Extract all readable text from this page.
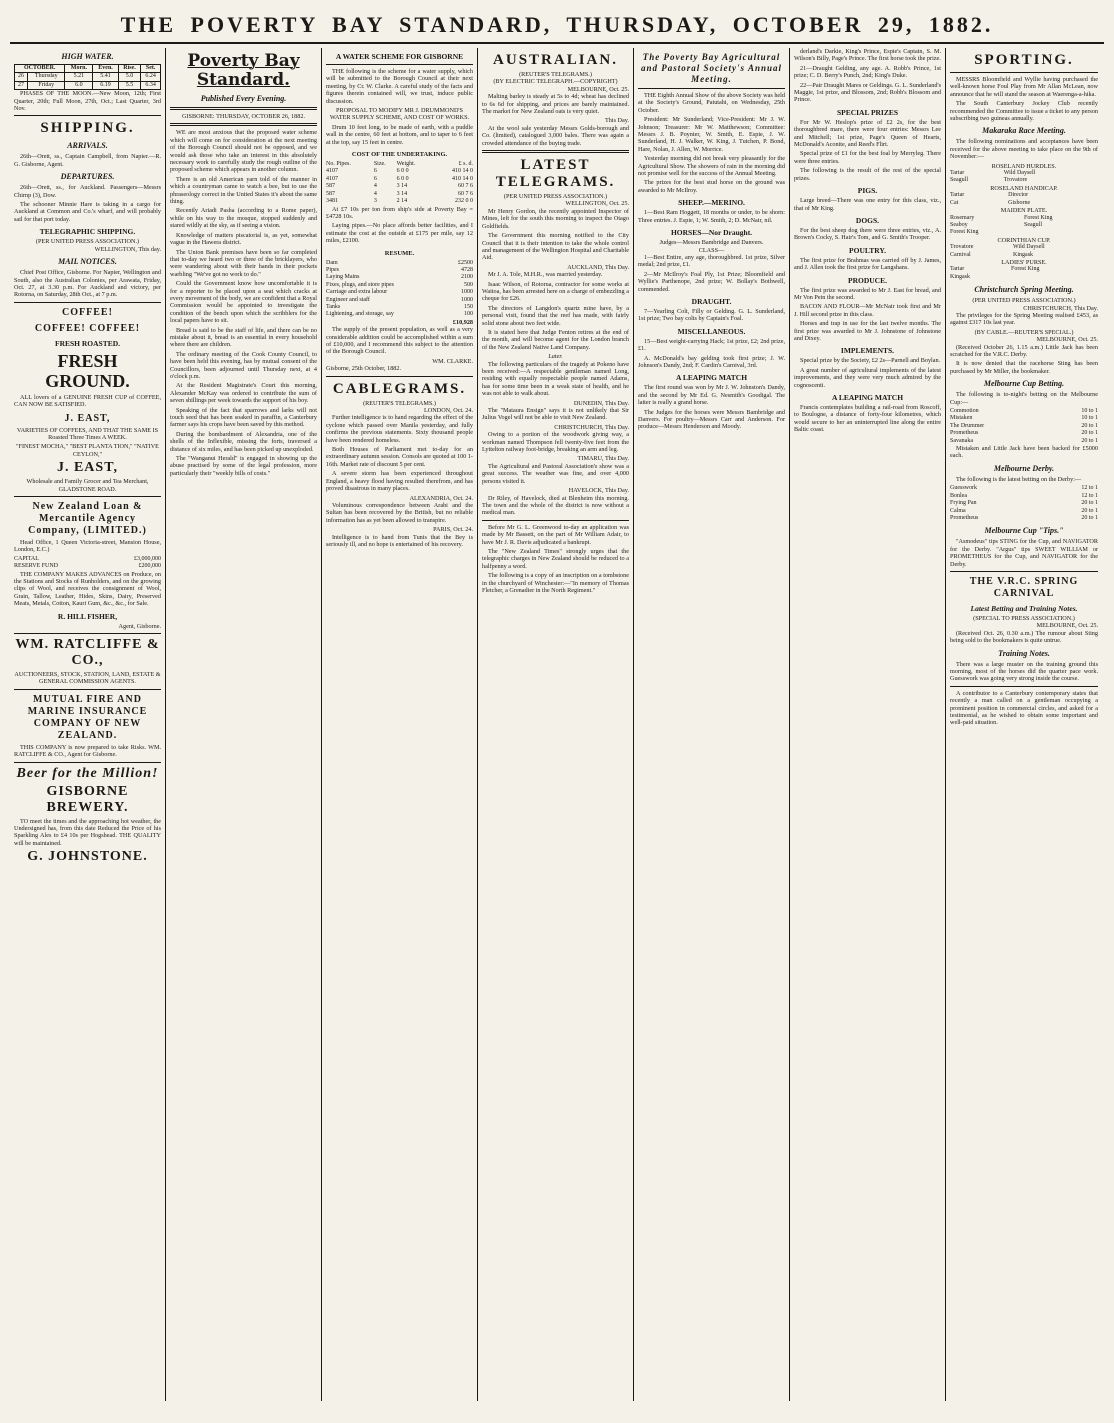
THE POVERTY BAY STANDARD, THURSDAY, OCTOBER 29, 1882.
HIGH WATER.
OCTOBER.		Morn.	Even.	Rise.	Set.
26	Thursday	5.21	5.41	5.0	6.24
27	Friday	6.0	6.19	5.5	6.34

PHASES OF THE MOON.—New Moon, 12th; First Quarter, 20th; Full Moon, 27th, Oct.; Last Quarter, 3rd Nov.

SHIPPING.
ARRIVALS.

26th—Orett, ss., Captain Campbell, from Napier.—R. G. Gisborne, Agent.

DEPARTURES.

26th—Orett, ss., for Auckland. Passengers—Messrs Chirnp (3), Dow.

The schooner Minnie Hare is taking in a cargo for Auckland at Common and Co.'s wharf, and will probably sail for that port today.

TELEGRAPHIC SHIPPING.
(PER UNITED PRESS ASSOCIATION.)
WELLINGTON, This day.
MAIL NOTICES.

Chief Post Office, Gisborne. For Napier, Wellington and South, also the Australian Colonies, per Arawata, Friday, Oct. 27, at 3.30 p.m. For Auckland and victory, per Rotorna, on Saturday, 28th Oct., at 7 p.m.

COFFEE!
COFFEE! COFFEE!
FRESH ROASTED.
FRESH GROUND.

ALL lovers of a GENUINE FRESH CUP of COFFEE, CAN NOW BE SATISFIED.

J. EAST,

VARIETIES OF COFFEES, AND THAT THE SAME IS Roasted Three Times A WEEK.

"FINEST MOCHA," "BEST PLANTA TION," "NATIVE CEYLON,"

J. EAST,

Wholesale and Family Grocer and Tea Merchant, GLADSTONE ROAD.

New Zealand Loan & Mercantile Agency Company, (LIMITED.)

Head Office, 1 Queen Victoria-street, Mansion House, London, E.C.)

CAPITAL	£3,000,000
RESERVE FUND	£200,000

THE COMPANY MAKES ADVANCES on Produce, on the Stations and Stocks of Runholders, and on the growing clips of Wool, and receives the consignment of Wool, Grain, Tallow, Leather, Hides, Skins, Dairy, Preserved Meats, Metals, Cotton, Kauri Gum, &c., &c., for Sale.

R. HILL FISHER,
Agent, Gisborne.
WM. RATCLIFFE & CO.,

AUCTIONEERS, STOCK, STATION, LAND, ESTATE & GENERAL COMMISSION AGENTS.

MUTUAL FIRE AND MARINE INSURANCE COMPANY OF NEW ZEALAND.

THIS COMPANY is now prepared to take Risks. WM. RATCLIFFE & CO., Agent for Gisborne.

Beer for the Million!
GISBORNE BREWERY.

TO meet the times and the approaching hot weather, the Undersigned has, from this date Reduced the Price of his Sparkling Ales to £4 10s per Hogshead. THE QUALITY will be maintained.

G. JOHNSTONE.
Poverty Bay Standard.
Published Every Evening.
GISBORNE: THURSDAY, OCTOBER 26, 1882.

WE are most anxious that the proposed water scheme which will come on for consideration at the next meeting of the Borough Council should not be opposed, and we would ask those who take an interest in this absolutely necessary work to carefully study the rough outline of the proposed scheme which appears in another column.

There is an old American yarn told of the manner in which a countryman came to watch a bee, but to use the phraseology correct in the United States it's about the same thing.

Recently Ariadi Pasha (according to a Rome paper), while on his way to the mosque, stopped suddenly and stared wildly at the sky, as if seeing a vision.

Knowledge of matters piscatorial is, as yet, somewhat vague in the Hawera district.

The Union Bank premises have been so far completed that to-day we heard two or three of the bricklayers, who were wandering about with their hands in their pockets warbling "We've got no work to do."

Could the Government know how uncomfortable it is for a reporter to be placed upon a seat which cracks at every movement of the body, we are confident that a Royal Commission would be appointed to investigate the condition of the bench upon which the scribblers for the local papers have to sit.

Bread is said to be the staff of life, and there can be no mistake about it, bread is an essential in every household where there are children.

The ordinary meeting of the Cook County Council, to have been held this evening, has by mutual consent of the Councillors, been adjourned until Thursday next, at 4 o'clock p.m.

At the Resident Magistrate's Court this morning, Alexander McKay was ordered to contribute the sum of seven shillings per week towards the support of his boy.

Speaking of the fact that sparrows and larks will not touch seed that has been soaked in paraffin, a Canterbury farmer says his crops have been saved by this method.

During the bombardment of Alexandria, one of the shells of the Inflexible, missing the forts, traversed a distance of six miles, and has been picked up unexploded.

The "Wanganui Herald" is engaged in showing up the abuse practised by some of the legal profession, more particularly their "weekly bills of costs."

A WATER SCHEME FOR GISBORNE

THE following is the scheme for a water supply, which will be submitted to the Borough Council at their next meeting, by Cr. W. Clarke. A careful study of the facts and figures therein contained will, we trust, induce public discussion.

PROPOSAL TO MODIFY MR J. DRUMMOND'S WATER SUPPLY SCHEME, AND COST OF WORKS.

Drum 10 feet long, to be made of earth, with a puddle wall in the centre, 60 feet at bottom, and to taper to 6 feet at the top, say 15 feet in centre.

COST OF THE UNDERTAKING.
No. Pipes.	Size.	Weight.	£ s. d.
4107	6	6 0 0	410 14 0
4107	6	6 0 0	410 14 0
587	4	3 14	60 7 6
587	4	3 14	60 7 6
3481	3	2 14	232 0 0

At £7 10s per ton from ship's side at Poverty Bay = £4728 10s.

Laying pipes.—No place affords better facilities, and I estimate the cost at the outside at £175 per mile, say 12 miles, £2100.

RESUME.
Dam	£2500
Pipes	4728
Laying Mains	2100
Fixes, plugs, and store pipes	500
Carriage and extra labour	1000
Engineer and staff	1000
Tanks	150
Lightening, and storage, say	100
£10,928

The supply of the present population, as well as a very considerable addition could be accomplished within a sum of £10,000, and I recommend this subject to the attention of the Borough Council.

WM. CLARKE.
Gisborne, 25th October, 1882.
CABLEGRAMS.
(REUTER'S TELEGRAMS.)
LONDON, Oct. 24.

Further intelligence is to hand regarding the effect of the cyclone which passed over Manila yesterday, and fully confirms the previous statements. Sixty thousand people have been rendered homeless.

Both Houses of Parliament met to-day for an extraordinary autumn session. Consols are quoted at 100 1-16th. Market rate of discount 5 per cent.

A severe storm has been experienced throughout England, a heavy flood having resulted therefrom, and has proved disastrous in many places.

ALEXANDRIA, Oct. 24.

Voluminous correspondence between Arabi and the Sultan has been recovered by the British, but no reliable information has as yet been allowed to transpire.

PARIS, Oct. 24.

Intelligence is to hand from Tunis that the Bey is seriously ill, and no hope is entertained of his recovery.

AUSTRALIAN.
(REUTER'S TELEGRAMS.)
(BY ELECTRIC TELEGRAPH.—COPYRIGHT)
MELBOURNE, Oct. 25.

Malting barley is steady at 5s to 4d; wheat has declined to 6s 6d for shipping, and prices are barely maintained. The market for New Zealand oats is very quiet.

This Day.

At the wool sale yesterday Messrs Golds-borough and Co. (limited), catalogued 3,000 bales. There was again a crowded attendance of the buying trade.

LATEST TELEGRAMS.
(PER UNITED PRESS ASSOCIATION.)
WELLINGTON, Oct. 25.

Mr Henry Gordon, the recently appointed Inspector of Mines, left for the south this morning to inspect the Otago Goldfields.

The Government this morning notified to the City Council that it is their intention to take the whole control and management of the Wellington Hospital and Charitable Aid.

AUCKLAND, This Day.

Mr J. A. Tole, M.H.R., was married yesterday.

Isaac Wilson, of Rotorua, contractor for some works at Waitoa, has been arrested here on a charge of embezzling a cheque for £26.

The directors of Langdon's quartz mine have, by a personal visit, found that the reef has made, with fairly solid stone about two feet wide.

It is stated here that Judge Fenton retires at the end of the month, and will become agent for the London branch of the New Zealand Native Land Company.

Later.

The following particulars of the tragedy at Pokeno have been received:—A respectable gentleman named Long, residing with equally respectable people named Adams, has for some time been in a weak state of health, and he was not able to walk about.

DUNEDIN, This Day.

The "Mataura Ensign" says it is not unlikely that Sir Julius Vogel will not be able to visit New Zealand.

CHRISTCHURCH, This Day.

Owing to a portion of the woodwork giving way, a workman named Thompson fell twenty-five feet from the Lyttelton railway foot-bridge, breaking an arm and leg.

TIMARU, This Day.

The Agricultural and Pastoral Association's show was a great success. The weather was fine, and over 4,000 persons visited it.

HAVELOCK, This Day.

Dr Riley, of Havelock, died at Blenheim this morning. The town and the whole of the district is now without a medical man.

Before Mr G. L. Greenwood to-day an application was made by Mr Bassett, on the part of Mr William Adair, to have Mr J. R. Davis adjudicated a bankrupt.

The "New Zealand Times" strongly urges that the telegraphic charges in New Zealand should be reduced to a halfpenny a word.

The following is a copy of an inscription on a tombstone in the churchyard of Winchester:—"In memory of Thomas Fletcher, a Grenadier in the North Regiment."

The Poverty Bay Agricultural and Pastoral Society's Annual Meeting.

THE Eighth Annual Show of the above Society was held at the Society's Ground, Patutahi, on Wednesday, 25th October.

President: Mr Sunderland; Vice-President: Mr J. W. Johnson; Treasurer: Mr W. Matthewson; Committee: Messrs J. B. Poynter, W. Smith, E. Espie, J. W. Sunderland, H. J. Walker, W. King, J. Tutchen, P. Bond, Hare, Nolan, J. Allen, W. Morrice.

Yesterday morning did not break very pleasantly for the Agricultural Show. The showers of rain in the morning did not promise well for the success of the Annual Meeting.

The prizes for the best stud horse on the ground was awarded to Mr McIlroy.

SHEEP.—MERINO.

1—Best Ram Hoggett, 18 months or under, to be shorn: Three entries. J. Espie, 1; W. Smith, 2; D. McNair, nil.

HORSES—Nor Draught.
Judges—Messrs Bambridge and Danvers.
CLASS—

1—Best Entire, any age, thoroughbred. 1st prize, Silver medal; 2nd prize, £1.

2—Mr McIlroy's Foal Ply, 1st Prize; Bloomfield and Wyllie's Parthenope, 2nd prize; W. Bollay's Bothwell, commended.

DRAUGHT.

7—Yearling Colt, Filly or Gelding. G. L. Sunderland, 1st prize; Two bay colts by Captain's Foal.

MISCELLANEOUS.

15—Best weight-carrying Hack; 1st prize, £2; 2nd prize, £1.

A. McDonald's bay gelding took first prize; J. W. Johnson's Dandy, 2nd; F. Cardin's Carnival, 3rd.

A LEAPING MATCH

The first round was won by Mr J. W. Johnston's Dandy, and the second by Mr Ed. G. Nesmith's Goodigal. The latter is really a grand horse.

The Judges for the horses were Messrs Bambridge and Danvers. For poultry—Messrs Carr and Anderson. For produce—Messrs Henderson and Moody.

derland's Darkie, King's Prince, Espie's Captain, S. M. Wilson's Billy, Page's Prince. The first horse took the prize.

21—Draught Gelding, any age. A. Robb's Prince, 1st prize; C. D. Berry's Punch, 2nd; King's Duke.

22—Pair Draught Mares or Geldings. G. L. Sunderland's Maggie, 1st prize, and Blossom, 2nd; Robb's Blossom and Prince.

SPECIAL PRIZES

For Mr W. Heslop's prize of £2 2s, for the best thoroughbred mare, there were four entries: Messrs Lee and Mitchell; 1st prize, Page's Queen of Hearts, McDonald's Aconite, and Reed's Flirt.

Special prize of £1 for the best foal by Merryleg. There were three entries.

The following is the result of the rest of the special prizes.

PIGS.

Large breed—There was one entry for this class, viz., that of Mr King.

DOGS.

For the best sheep dog there were three entries, viz., A. Brown's Cocky, S. Hair's Tom, and G. Smith's Trooper.

POULTRY.

The first prize for Brahmas was carried off by J. James, and J. Allen took the first prize for Langshans.

PRODUCE.

The first prize was awarded to Mr J. East for bread, and Mr Von Pein the second.

BACON AND FLOUR—Mr McNair took first and Mr J. Hill second prize in this class.

Horses and trap in use for the last twelve months. The first prize was awarded to Mr J. Johnstone of Johnstone and Dixey.

IMPLEMENTS.

Special prize by the Society, £2 2s—Parnell and Boylan.

A great number of agricultural implements of the latest improvements, and they were very much admired by the cognoscenti.

A LEAPING MATCH

Francis contemplates building a rail-road from Roscoff, to Boulogne, a distance of forty-four kilometres, which would secure to her an uninterrupted line along the entire Baltic coast.

SPORTING.

MESSRS Bloomfield and Wyllie having purchased the well-known horse Foul Play from Mr Allan McLean, now announce that he will stand the season at Waerenga-a-hika.

The South Canterbury Jockey Club recently recommended the Committee to issue a ticket to any person subscribing two guineas annually.

Makaraka Race Meeting.

The following nominations and acceptances have been received for the above meeting to take place on the 9th of November:—

ROSELAND HURDLES.
Tartar	Wild Daysell
Seagull	Trovatore
ROSELAND HANDICAP.
Tartar	Director
Cat	Gisborne
MAIDEN PLATE.
Rosemary	Forest King
Seaboy	Seagull
Forest King	
CORINTHIAN CUP.
Trovatore	Wild Daysell
Carnival	Kingask
LADIES' PURSE.
Tartar	Forest King
Kingask	
Christchurch Spring Meeting.
(PER UNITED PRESS ASSOCIATION.)
CHRISTCHURCH, This Day.

The privileges for the Spring Meeting realised £453, as against £317 10s last year.

(BY CABLE.—REUTER'S SPECIAL.)
MELBOURNE, Oct. 25.

(Received October 26, 1.15 a.m.) Little Jack has been scratched for the V.R.C. Derby.

It is now denied that the racehorse Sting has been purchased by Mr Miller, the bookmaker.

Melbourne Cup Betting.

The following is to-night's betting on the Melbourne Cup:—

Commotion	10 to 1
Mistaken	10 to 1
The Drummer	20 to 1
Prometheus	20 to 1
Savanaka	20 to 1

Mistaken and Little Jack have been backed for £5000 each.

Melbourne Derby.

The following is the latest betting on the Derby:—

Guesswork	12 to 1
Bonlea	12 to 1
Frying Pan	20 to 1
Calma	20 to 1
Prometheus	20 to 1
Melbourne Cup "Tips."

"Asmodeus" tips STING for the Cup, and NAVIGATOR for the Derby. "Argus" tips SWEET WILLIAM or PROMETHEUS for the Cup, and NAVIGATOR for the Derby.

THE V.R.C. SPRING CARNIVAL
Latest Betting and Training Notes.
(SPECIAL TO PRESS ASSOCIATION.)
MELBOURNE, Oct. 25.

(Received Oct. 26, 0.30 a.m.) The rumour about Sting being sold to the bookmakers is quite untrue.

Training Notes.

There was a large muster on the training ground this morning, most of the horses did the quarter pace work. Guesswork was going very strong inside the course.

A contributor to a Canterbury contemporary states that recently a man called on a gentleman occupying a prominent position in commercial circles, and asked for a testimonial, as he wished to obtain some important and well-paid situation.
